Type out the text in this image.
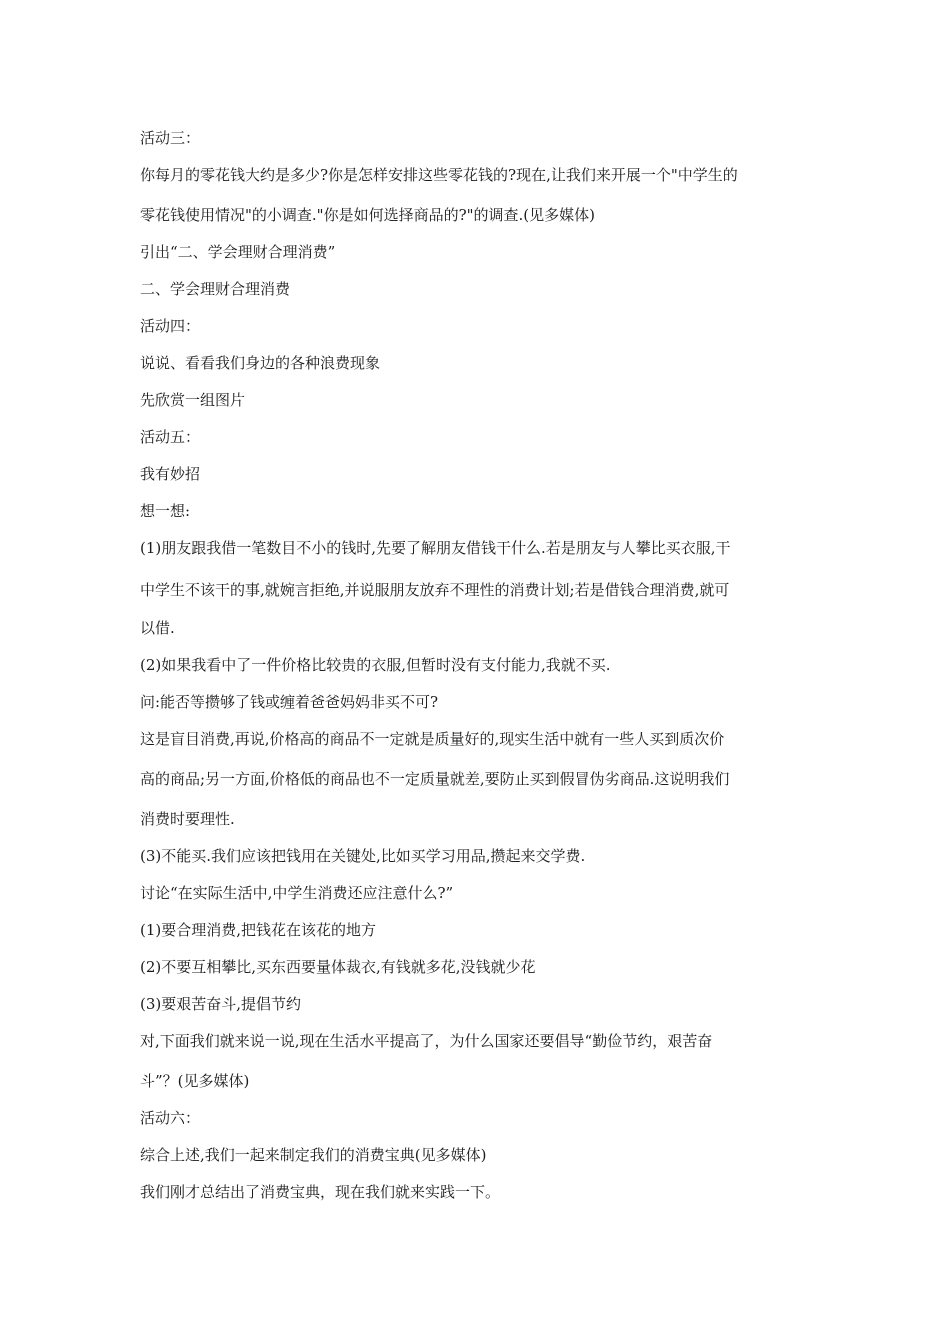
活动三：
你每月的零花钱大约是多少?你是怎样安排这些零花钱的?现在,让我们来开展一个"中学生的
零花钱使用情况"的小调查."你是如何选择商品的?"的调查.(见多媒体)
引出“二、学会理财合理消费”
二、学会理财合理消费
活动四：
说说、看看我们身边的各种浪费现象
先欣赏一组图片
活动五：
我有妙招
想一想:
(1)朋友跟我借一笔数目不小的钱时,先要了解朋友借钱干什么.若是朋友与人攀比买衣服,干
中学生不该干的事,就婉言拒绝,并说服朋友放弃不理性的消费计划;若是借钱合理消费,就可
以借.
(2)如果我看中了一件价格比较贵的衣服,但暂时没有支付能力,我就不买.
问:能否等攒够了钱或缠着爸爸妈妈非买不可?
这是盲目消费,再说,价格高的商品不一定就是质量好的,现实生活中就有一些人买到质次价
高的商品;另一方面,价格低的商品也不一定质量就差,要防止买到假冒伪劣商品.这说明我们
消费时要理性.
(3)不能买.我们应该把钱用在关键处,比如买学习用品,攒起来交学费.
讨论“在实际生活中,中学生消费还应注意什么?”
(1)要合理消费,把钱花在该花的地方
(2)不要互相攀比,买东西要量体裁衣,有钱就多花,没钱就少花
(3)要艰苦奋斗,提倡节约
对,下面我们就来说一说,现在生活水平提高了，为什么国家还要倡导“勤俭节约，艰苦奋
斗”？(见多媒体)
活动六：
综合上述,我们一起来制定我们的消费宝典(见多媒体)
我们刚才总结出了消费宝典，现在我们就来实践一下。
